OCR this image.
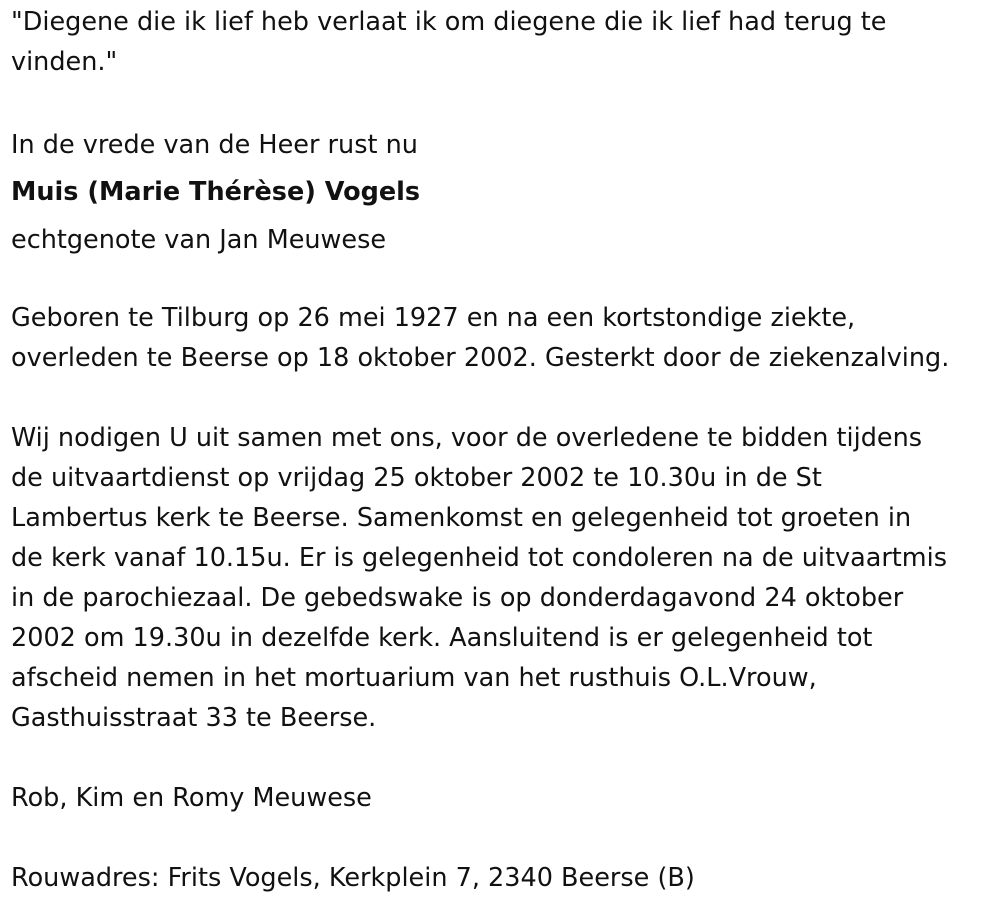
"Diegene die ik lief heb verlaat ik om diegene die ik lief had terug te
vinden."
In de vrede van de Heer rust nu
Muis (Marie Thérèse) Vogels
echtgenote van Jan Meuwese
Geboren te Tilburg op 26 mei 1927 en na een kortstondige ziekte,
overleden te Beerse op 18 oktober 2002. Gesterkt door de ziekenzalving.
Wij nodigen U uit samen met ons, voor de overledene te bidden tijdens
de uitvaartdienst op vrijdag 25 oktober 2002 te 10.30u in de St
Lambertus kerk te Beerse. Samenkomst en gelegenheid tot groeten in
de kerk vanaf 10.15u. Er is gelegenheid tot condoleren na de uitvaartmis
in de parochiezaal. De gebedswake is op donderdagavond 24 oktober
2002 om 19.30u in dezelfde kerk. Aansluitend is er gelegenheid tot
afscheid nemen in het mortuarium van het rusthuis O.L.Vrouw,
Gasthuisstraat 33 te Beerse.
Rob, Kim en Romy Meuwese
Rouwadres: Frits Vogels, Kerkplein 7, 2340 Beerse (B)
